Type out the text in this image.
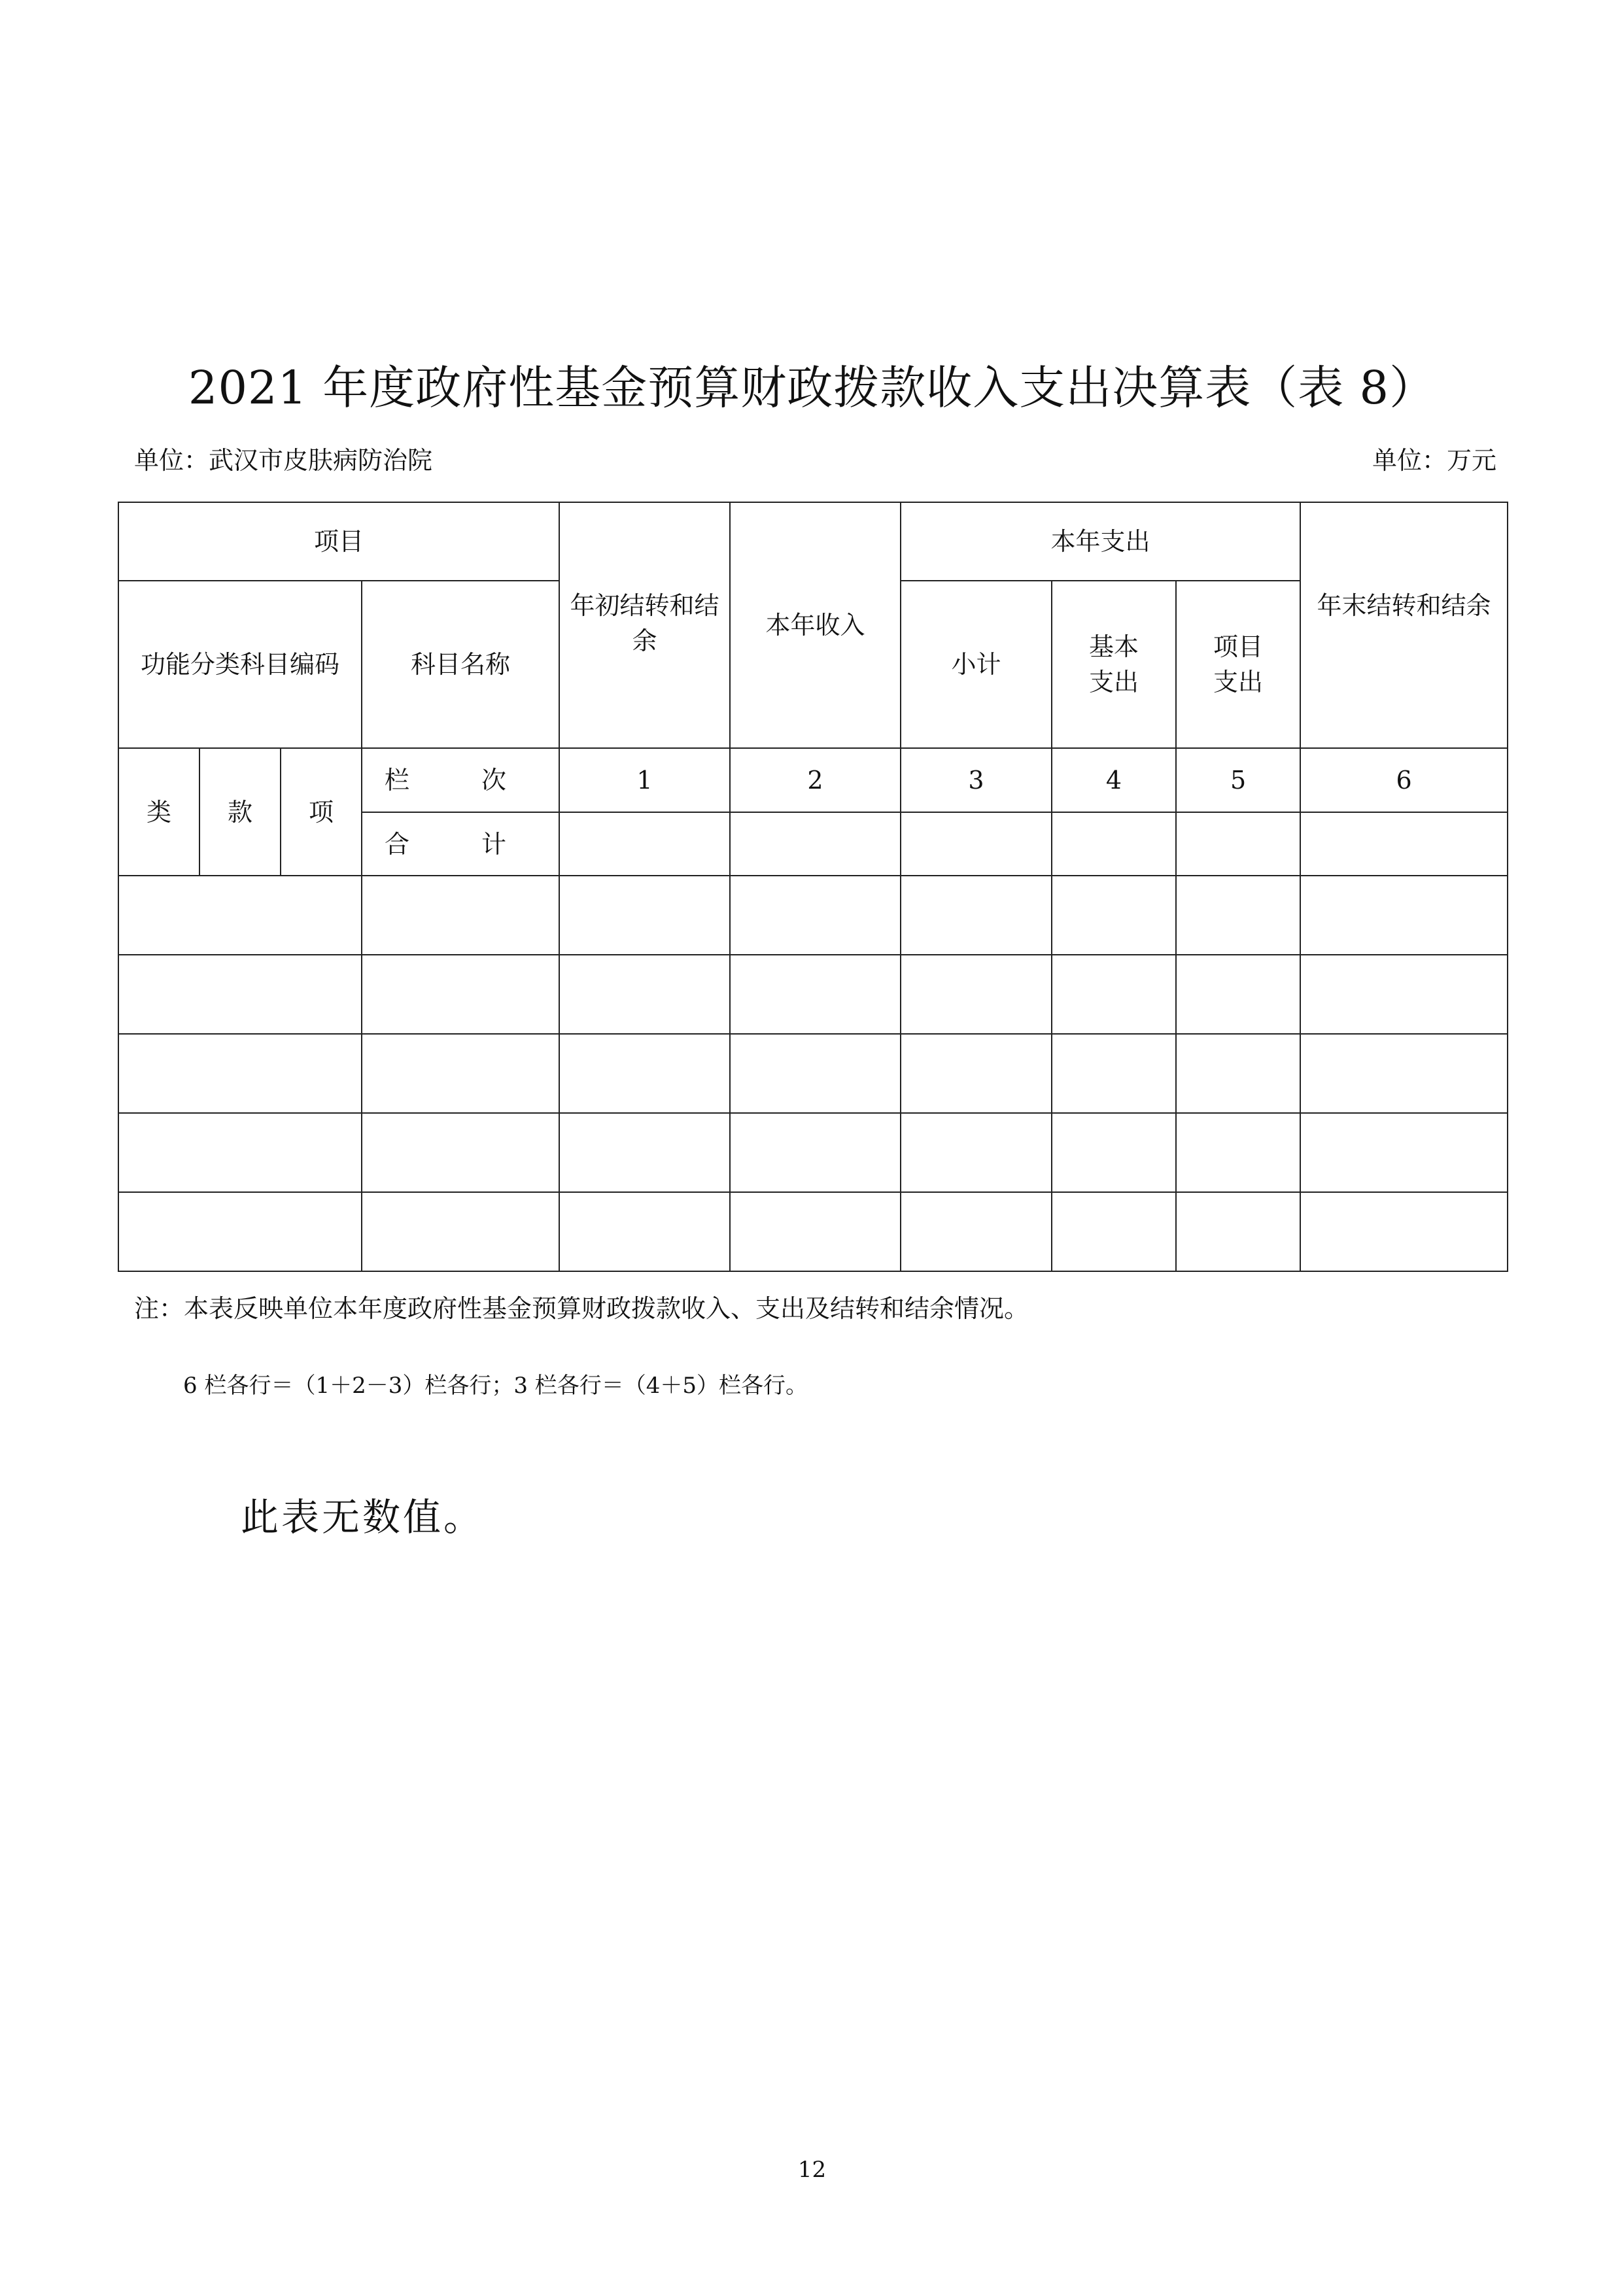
2021 年度政府性基金预算财政拨款收入支出决算表（表 8）
单位：武汉市皮肤病防治院	单位：万元
项目				年初结转和结余	本年收入	本年支出			年末结转和结余
功能分类科目编码			科目名称			小计	基本支出	项目支出	
类	款	项	栏 次	1	2	3	4	5	6
			合 计						

注：本表反映单位本年度政府性基金预算财政拨款收入、支出及结转和结余情况。
6 栏各行＝（1＋2－3）栏各行；3 栏各行＝（4＋5）栏各行。
此表无数值。
12
